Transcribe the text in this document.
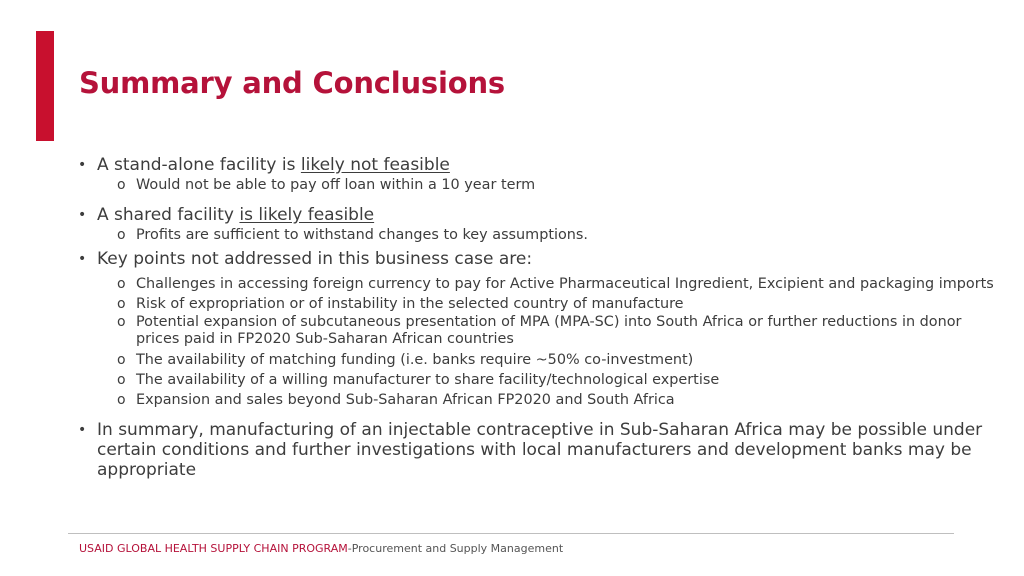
Summary and Conclusions
• A stand-alone facility is likely not feasible
o Would not be able to pay off loan within a 10 year term
• A shared facility is likely feasible
o Profits are sufficient to withstand changes to key assumptions.
• Key points not addressed in this business case are:
o Challenges in accessing foreign currency to pay for Active Pharmaceutical Ingredient, Excipient and packaging imports
o Risk of expropriation or of instability in the selected country of manufacture
o Potential expansion of subcutaneous presentation of MPA (MPA-SC) into South Africa or further reductions in donor prices paid in FP2020 Sub-Saharan African countries
o The availability of matching funding (i.e. banks require ~50% co-investment)
o The availability of a willing manufacturer to share facility/technological expertise
o Expansion and sales beyond Sub-Saharan African FP2020 and South Africa
• In summary, manufacturing of an injectable contraceptive in Sub-Saharan Africa may be possible under certain conditions and further investigations with local manufacturers and development banks may be appropriate
USAID GLOBAL HEALTH SUPPLY CHAIN PROGRAM-Procurement and Supply Management
